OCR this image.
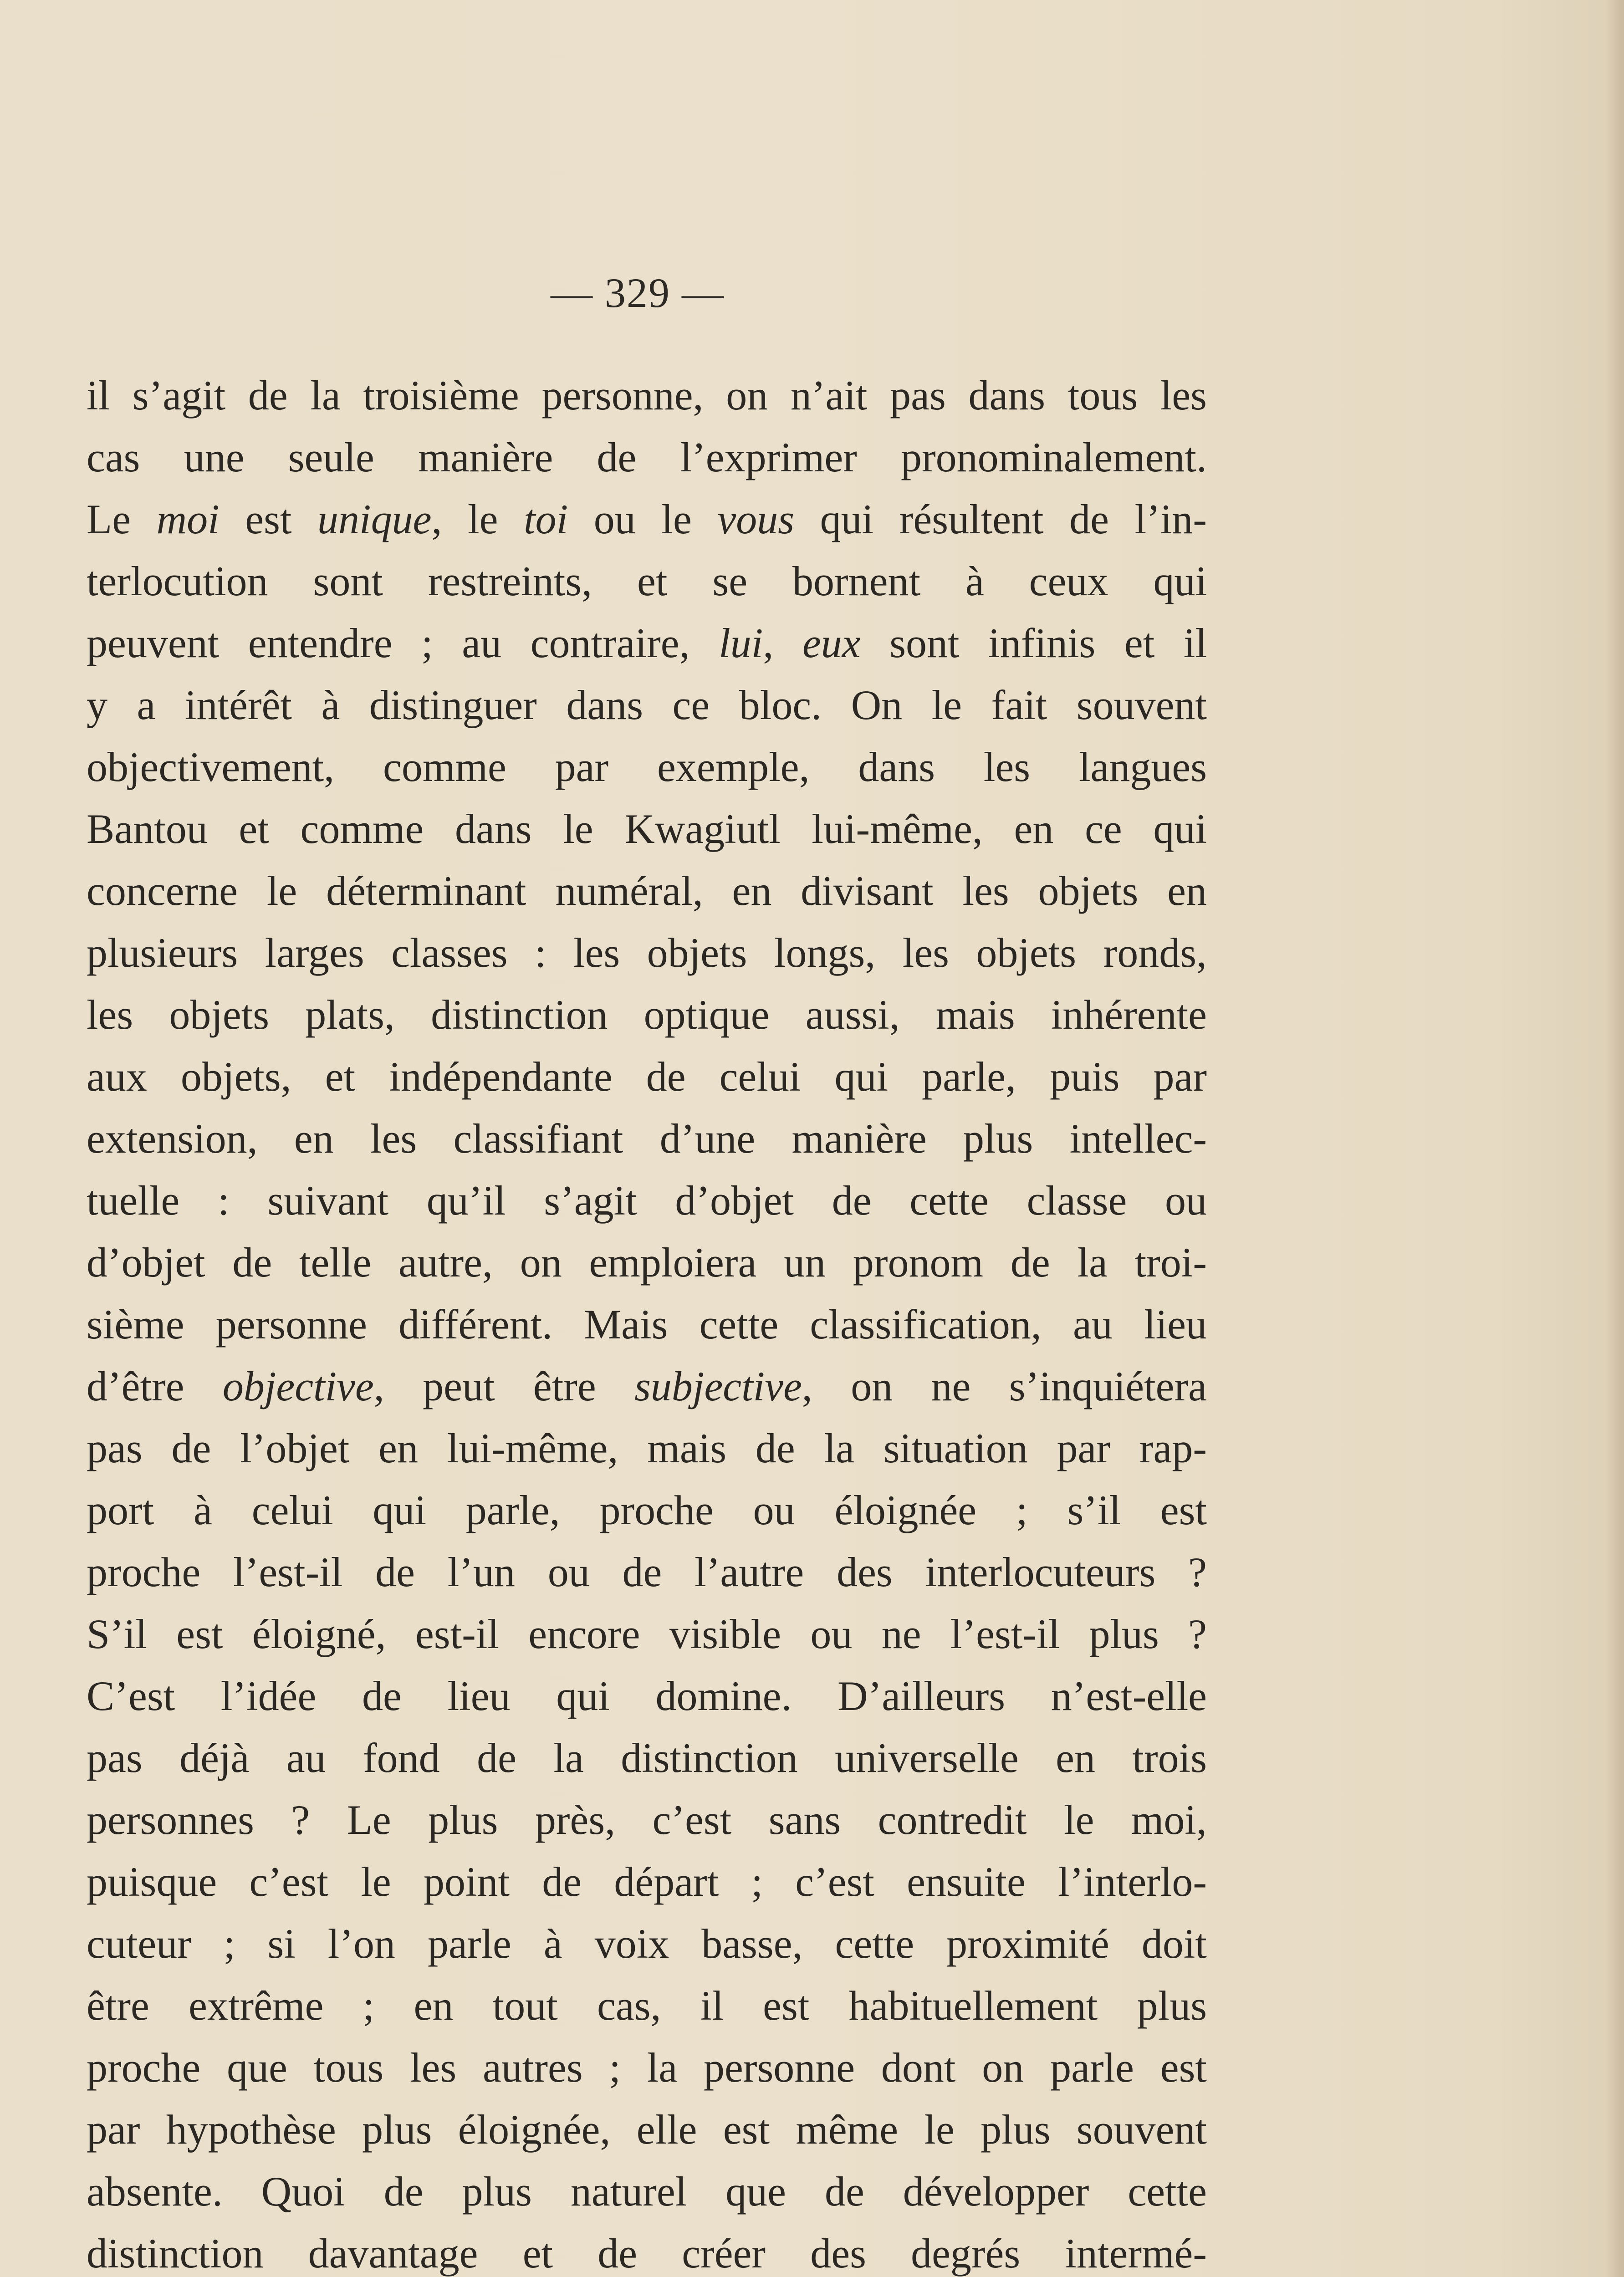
— 329 —
il s’agit de la troisième personne, on n’ait pas dans tous les
cas une seule manière de l’exprimer pronominalement.
Le moi est unique, le toi ou le vous qui résultent de l’in-
terlocution sont restreints, et se bornent à ceux qui
peuvent entendre ; au contraire, lui, eux sont infinis et il
y a intérêt à distinguer dans ce bloc. On le fait souvent
objectivement, comme par exemple, dans les langues
Bantou et comme dans le Kwagiutl lui-même, en ce qui
concerne le déterminant numéral, en divisant les objets en
plusieurs larges classes : les objets longs, les objets ronds,
les objets plats, distinction optique aussi, mais inhérente
aux objets, et indépendante de celui qui parle, puis par
extension, en les classifiant d’une manière plus intellec-
tuelle : suivant qu’il s’agit d’objet de cette classe ou
d’objet de telle autre, on emploiera un pronom de la troi-
sième personne différent. Mais cette classification, au lieu
d’être objective, peut être subjective, on ne s’inquiétera
pas de l’objet en lui-même, mais de la situation par rap-
port à celui qui parle, proche ou éloignée ; s’il est
proche l’est-il de l’un ou de l’autre des interlocuteurs ?
S’il est éloigné, est-il encore visible ou ne l’est-il plus ?
C’est l’idée de lieu qui domine. D’ailleurs n’est-elle
pas déjà au fond de la distinction universelle en trois
personnes ? Le plus près, c’est sans contredit le moi,
puisque c’est le point de départ ; c’est ensuite l’interlo-
cuteur ; si l’on parle à voix basse, cette proximité doit
être extrême ; en tout cas, il est habituellement plus
proche que tous les autres ; la personne dont on parle est
par hypothèse plus éloignée, elle est même le plus souvent
absente. Quoi de plus naturel que de développer cette
distinction davantage et de créer des degrés intermé-
